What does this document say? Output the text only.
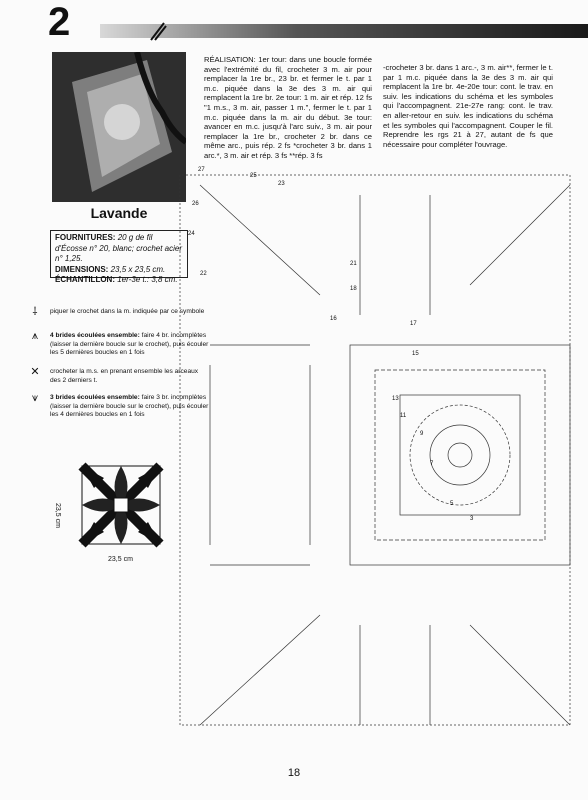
2
Lavande
FOURNITURES: 20 g de fil d'Écosse n° 20, blanc; crochet acier n° 1,25.
DIMENSIONS: 23,5 x 23,5 cm.
ÉCHANTILLON: 1er-3e t.: 3,8 cm.
RÉALISATION: 1er tour: dans une boucle formée avec l'extrémité du fil, crocheter 3 m. air pour remplacer la 1re br., 23 br. et fermer le t. par 1 m.c. piquée dans la 3e des 3 m. air qui remplacent la 1re br. 2e tour: 1 m. air et rép. 12 fs "1 m.s., 3 m. air, passer 1 m.", fermer le t. par 1 m.c. piquée dans la m. air du début. 3e tour: avancer en m.c. jusqu'à l'arc suiv., 3 m. air pour remplacer la 1re br., crocheter 2 br. dans ce même arc., puis rép. 2 fs *crocheter 3 br. dans 1 arc.*, 3 m. air et rép. 3 fs **rép. 3 fs
-crocheter 3 br. dans 1 arc.-, 3 m. air**, fermer le t. par 1 m.c. piquée dans la 3e des 3 m. air qui remplacent la 1re br. 4e-20e tour: cont. le trav. en suiv. les indications du schéma et les symboles qui l'accompagnent. 21e-27e rang: cont. le trav. en aller-retour en suiv. les indications du schéma et les symboles qui l'accompagnent. Couper le fil. Reprendre les rgs 21 à 27, autant de fs que nécessaire pour compléter l'ouvrage.
⸸	piquer le crochet dans la m. indiquée par ce symbole
⩚	4 brides écoulées ensemble: faire 4 br. incomplètes (laisser la dernière boucle sur le crochet), puis écouler les 5 dernières boucles en 1 fois
✕	crocheter la m.s. en prenant ensemble les arceaux des 2 derniers t.
⩛	3 brides écoulées ensemble: faire 3 br. incomplètes (laisser la dernière boucle sur le crochet), puis écouler les 4 dernières boucles en 1 fois
23,5 cm
23,5 cm
27
25
23
26
24
22
21
18
16
17
15
13
11
9
7
5
3
18
